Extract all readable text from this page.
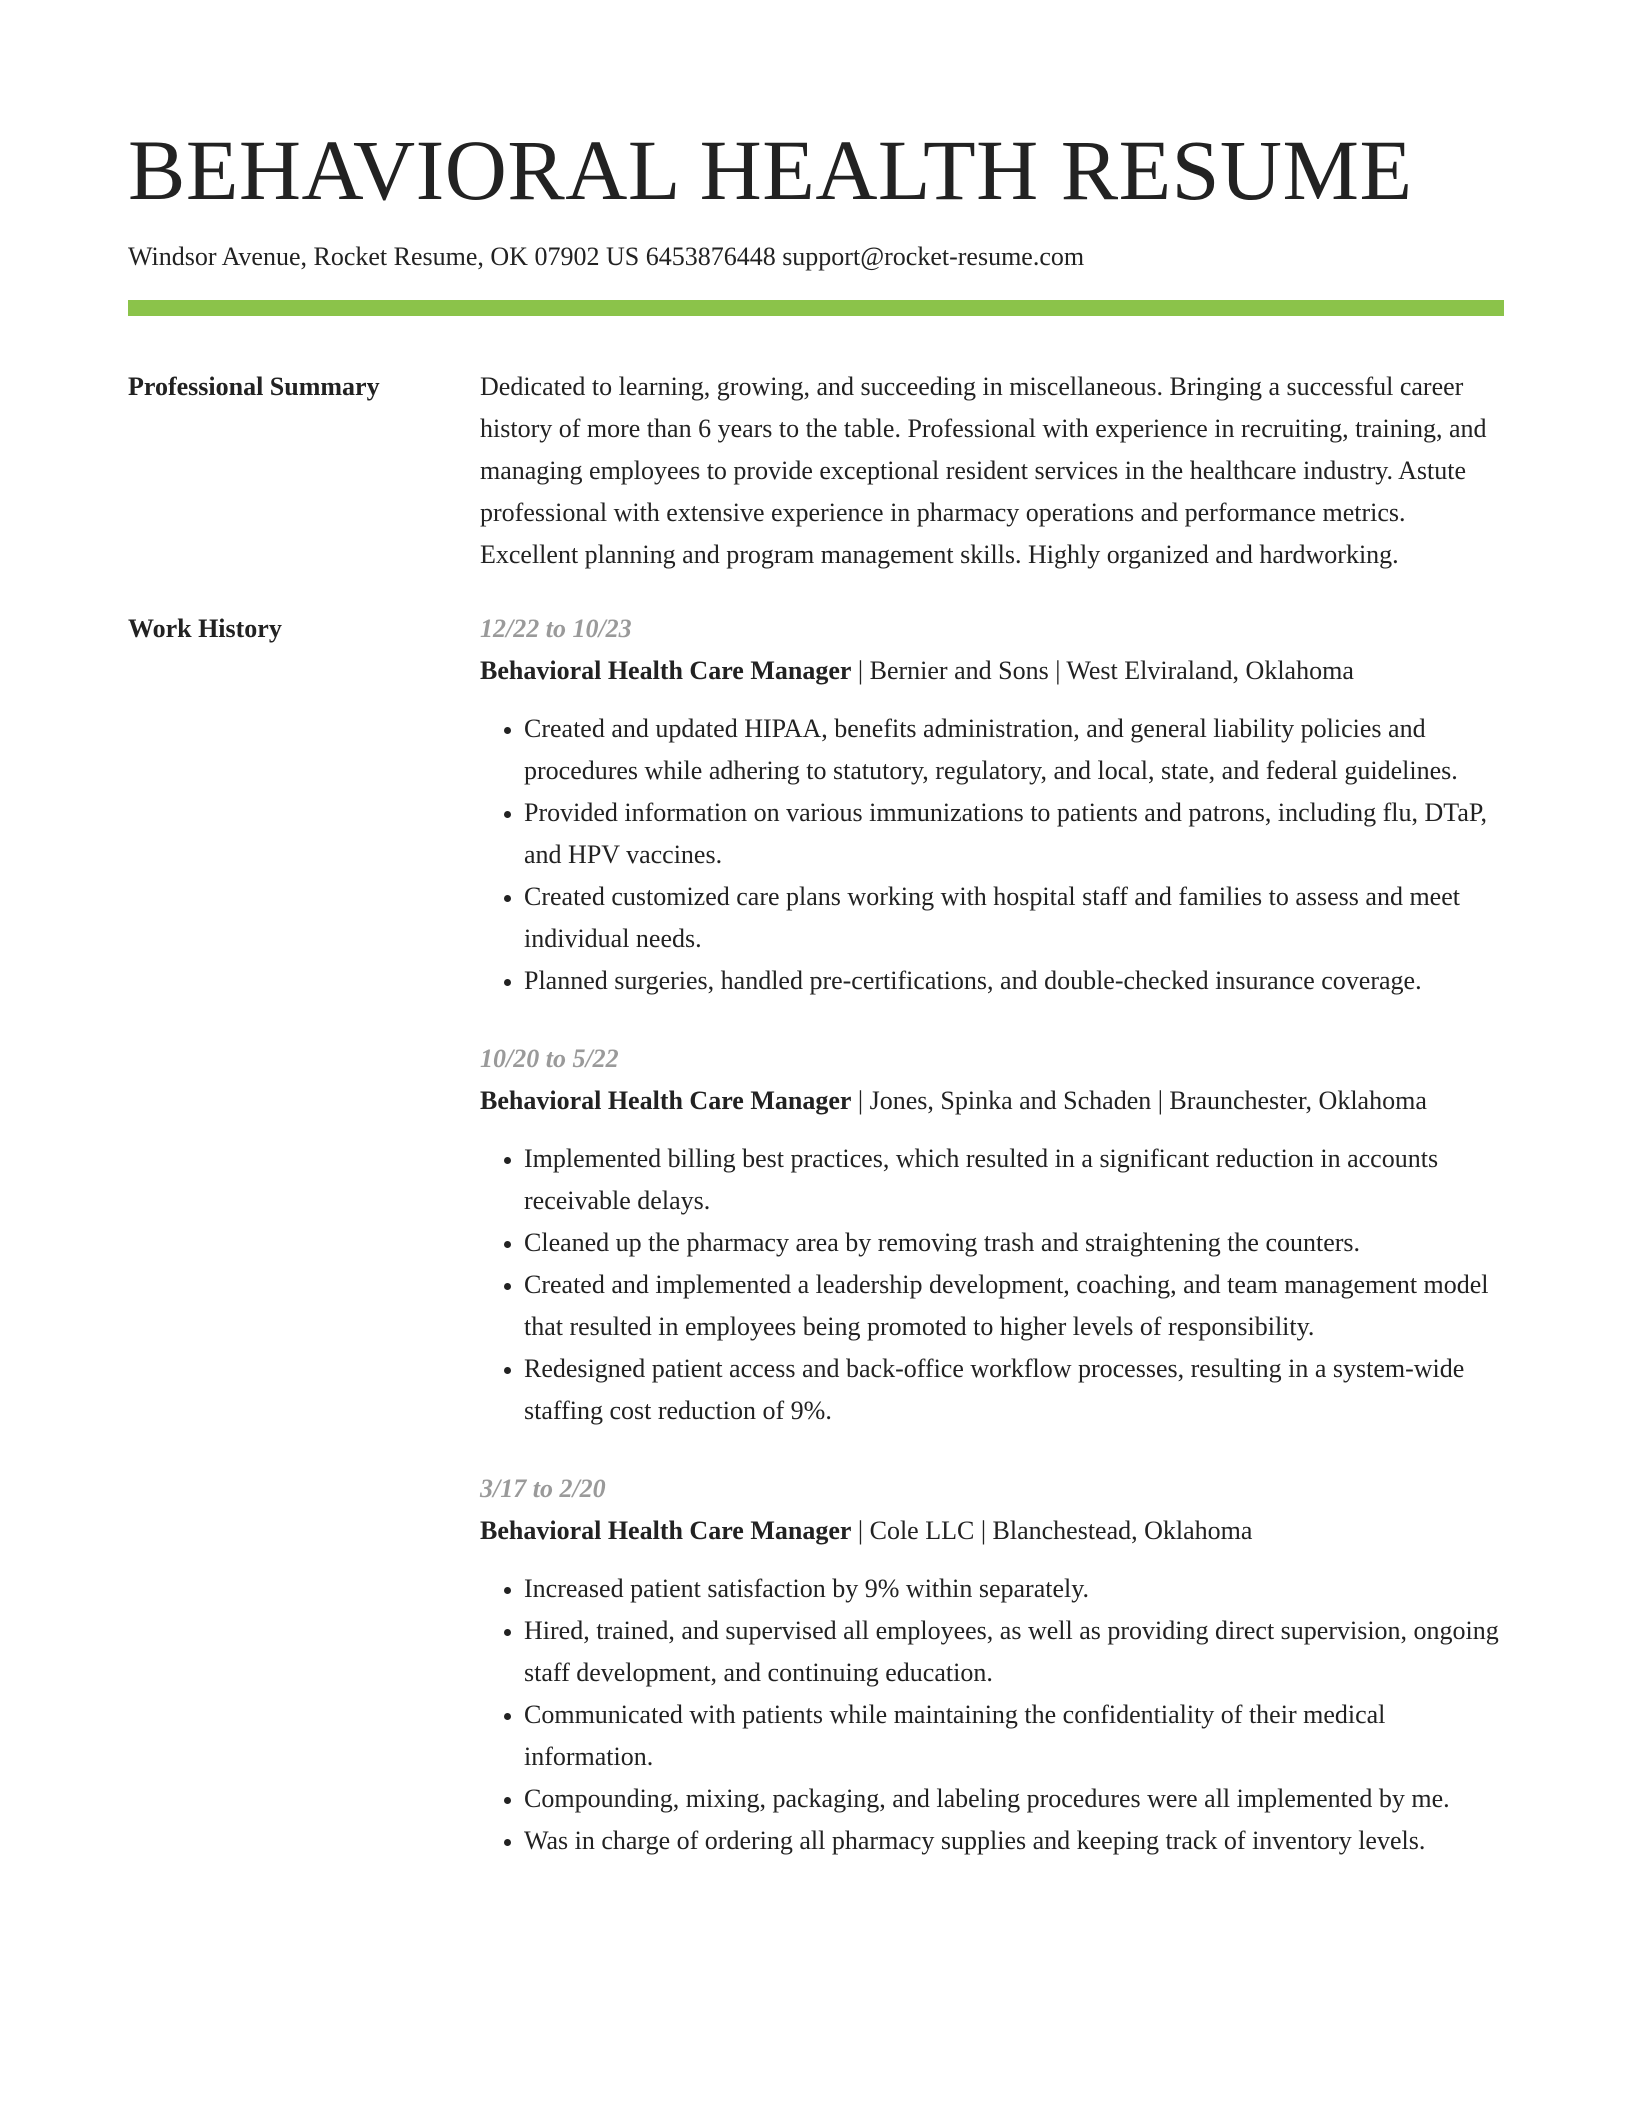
BEHAVIORAL HEALTH RESUME
Windsor Avenue, Rocket Resume, OK 07902 US 6453876448 support@rocket-resume.com
Professional Summary	Dedicated to learning, growing, and succeeding in miscellaneous. Bringing a successful career history of more than 6 years to the table. Professional with experience in recruiting, training, and managing employees to provide exceptional resident services in the healthcare industry. Astute professional with extensive experience in pharmacy operations and performance metrics. Excellent planning and program management skills. Highly organized and hardworking.

Work History	12/22 to 10/23
Behavioral Health Care Manager | Bernier and Sons | West Elviraland, Oklahoma
• Created and updated HIPAA, benefits administration, and general liability policies and procedures while adhering to statutory, regulatory, and local, state, and federal guidelines.
• Provided information on various immunizations to patients and patrons, including flu, DTaP, and HPV vaccines.
• Created customized care plans working with hospital staff and families to assess and meet individual needs.
• Planned surgeries, handled pre-certifications, and double-checked insurance coverage.
10/20 to 5/22
Behavioral Health Care Manager | Jones, Spinka and Schaden | Braunchester, Oklahoma
• Implemented billing best practices, which resulted in a significant reduction in accounts receivable delays.
• Cleaned up the pharmacy area by removing trash and straightening the counters.
• Created and implemented a leadership development, coaching, and team management model that resulted in employees being promoted to higher levels of responsibility.
• Redesigned patient access and back-office workflow processes, resulting in a system-wide staffing cost reduction of 9%.
3/17 to 2/20
Behavioral Health Care Manager | Cole LLC | Blanchestead, Oklahoma
• Increased patient satisfaction by 9% within separately.
• Hired, trained, and supervised all employees, as well as providing direct supervision, ongoing staff development, and continuing education.
• Communicated with patients while maintaining the confidentiality of their medical information.
• Compounding, mixing, packaging, and labeling procedures were all implemented by me.
• Was in charge of ordering all pharmacy supplies and keeping track of inventory levels.
